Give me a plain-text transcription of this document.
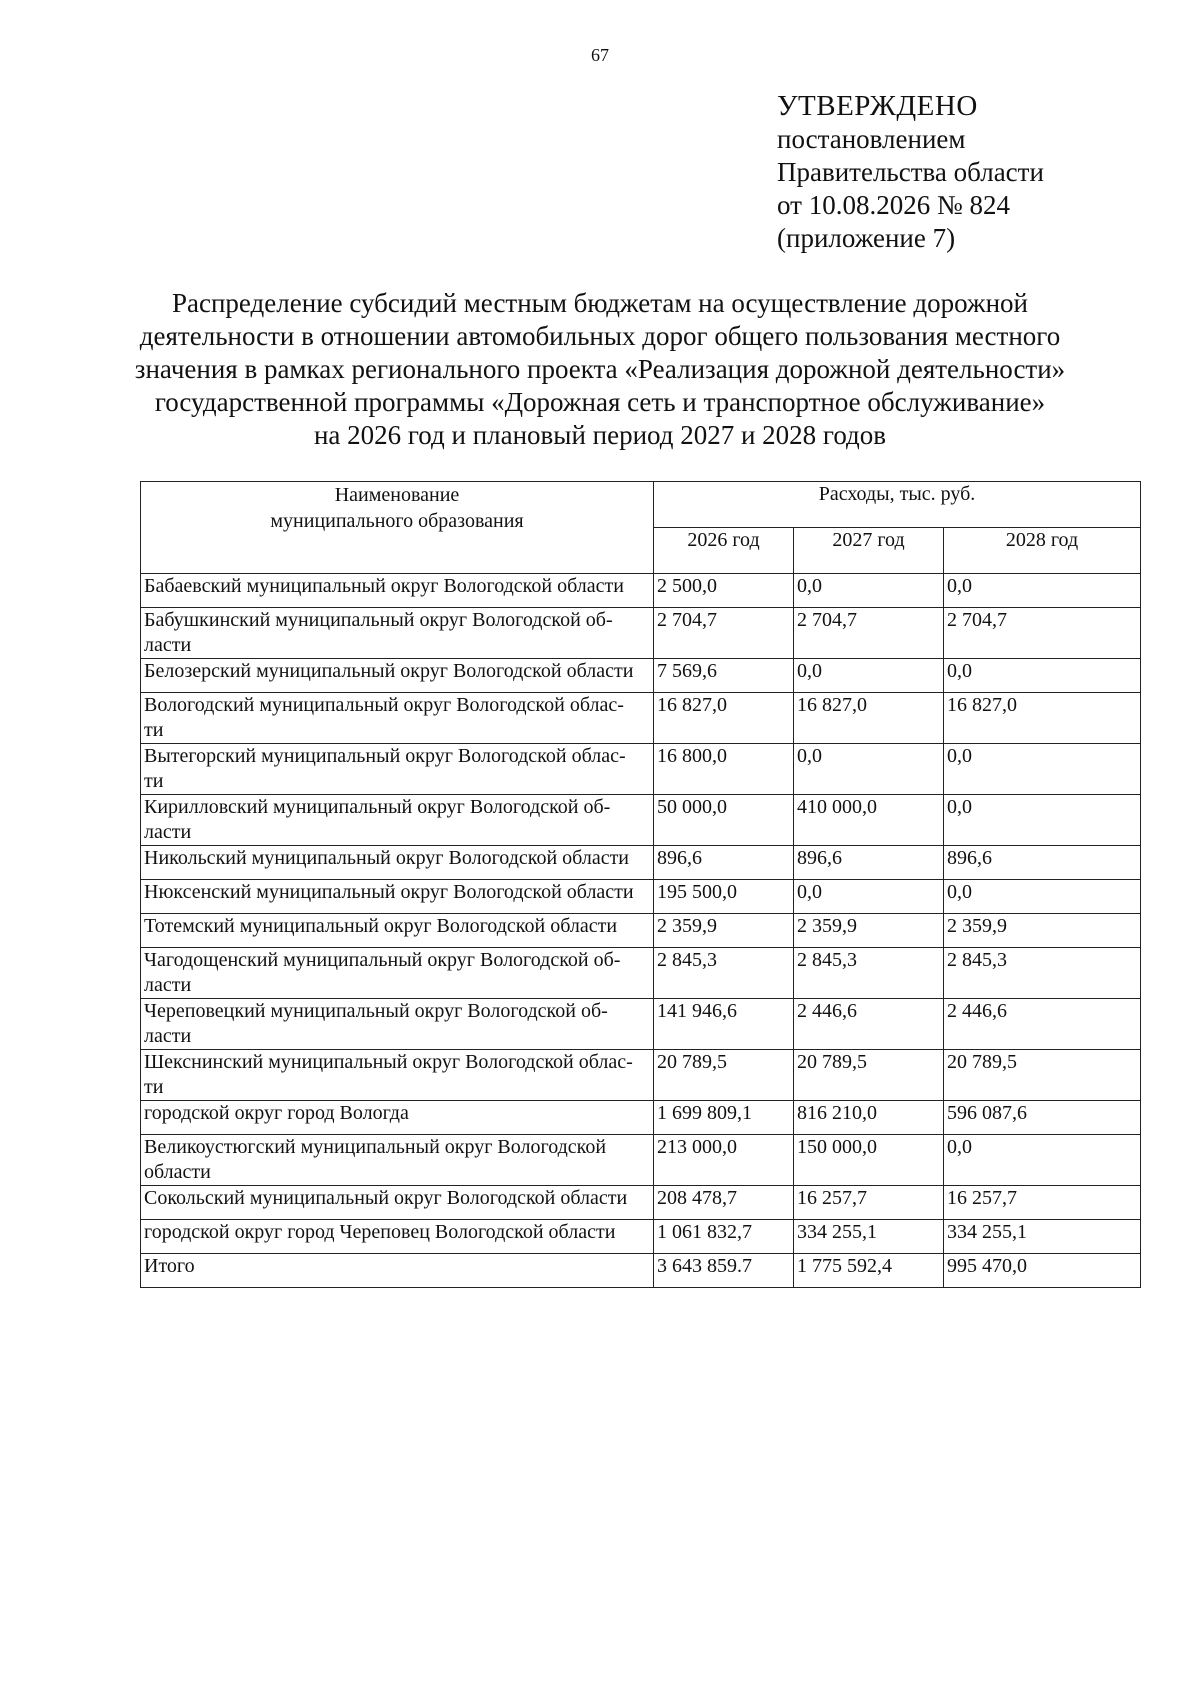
67
УТВЕРЖДЕНО
постановлением
Правительства области
от 10.08.2026 № 824
(приложение 7)
Распределение субсидий местным бюджетам на осуществление дорожной
деятельности в отношении автомобильных дорог общего пользования местного
значения в рамках регионального проекта «Реализация дорожной деятельности»
государственной программы «Дорожная сеть и транспортное обслуживание»
на 2026 год и плановый период 2027 и 2028 годов
Наименование
муниципального образования	Расходы, тыс. руб.		
	2026 год	2027 год	2028 год

Бабаевский муниципальный округ Вологодской области	2 500,0	0,0	0,0

Бабушкинский муниципальный округ Вологодской об-
ласти	2 704,7	2 704,7	2 704,7

Белозерский муниципальный округ Вологодской области	7 569,6	0,0	0,0

Вологодский муниципальный округ Вологодской облас-
ти	16 827,0	16 827,0	16 827,0

Вытегорский муниципальный округ Вологодской облас-
ти	16 800,0	0,0	0,0

Кирилловский муниципальный округ Вологодской об-
ласти	50 000,0	410 000,0	0,0

Никольский муниципальный округ Вологодской области	896,6	896,6	896,6

Нюксенский муниципальный округ Вологодской области	195 500,0	0,0	0,0

Тотемский муниципальный округ Вологодской области	2 359,9	2 359,9	2 359,9

Чагодощенский муниципальный округ Вологодской об-
ласти	2 845,3	2 845,3	2 845,3

Череповецкий муниципальный округ Вологодской об-
ласти	141 946,6	2 446,6	2 446,6

Шекснинский муниципальный округ Вологодской облас-
ти	20 789,5	20 789,5	20 789,5

городской округ город Вологда	1 699 809,1	816 210,0	596 087,6

Великоустюгский муниципальный округ Вологодской
области	213 000,0	150 000,0	0,0

Сокольский муниципальный округ Вологодской области	208 478,7	16 257,7	16 257,7

городской округ город Череповец Вологодской области	1 061 832,7	334 255,1	334 255,1
Итого	3 643 859.7	1 775 592,4	995 470,0
